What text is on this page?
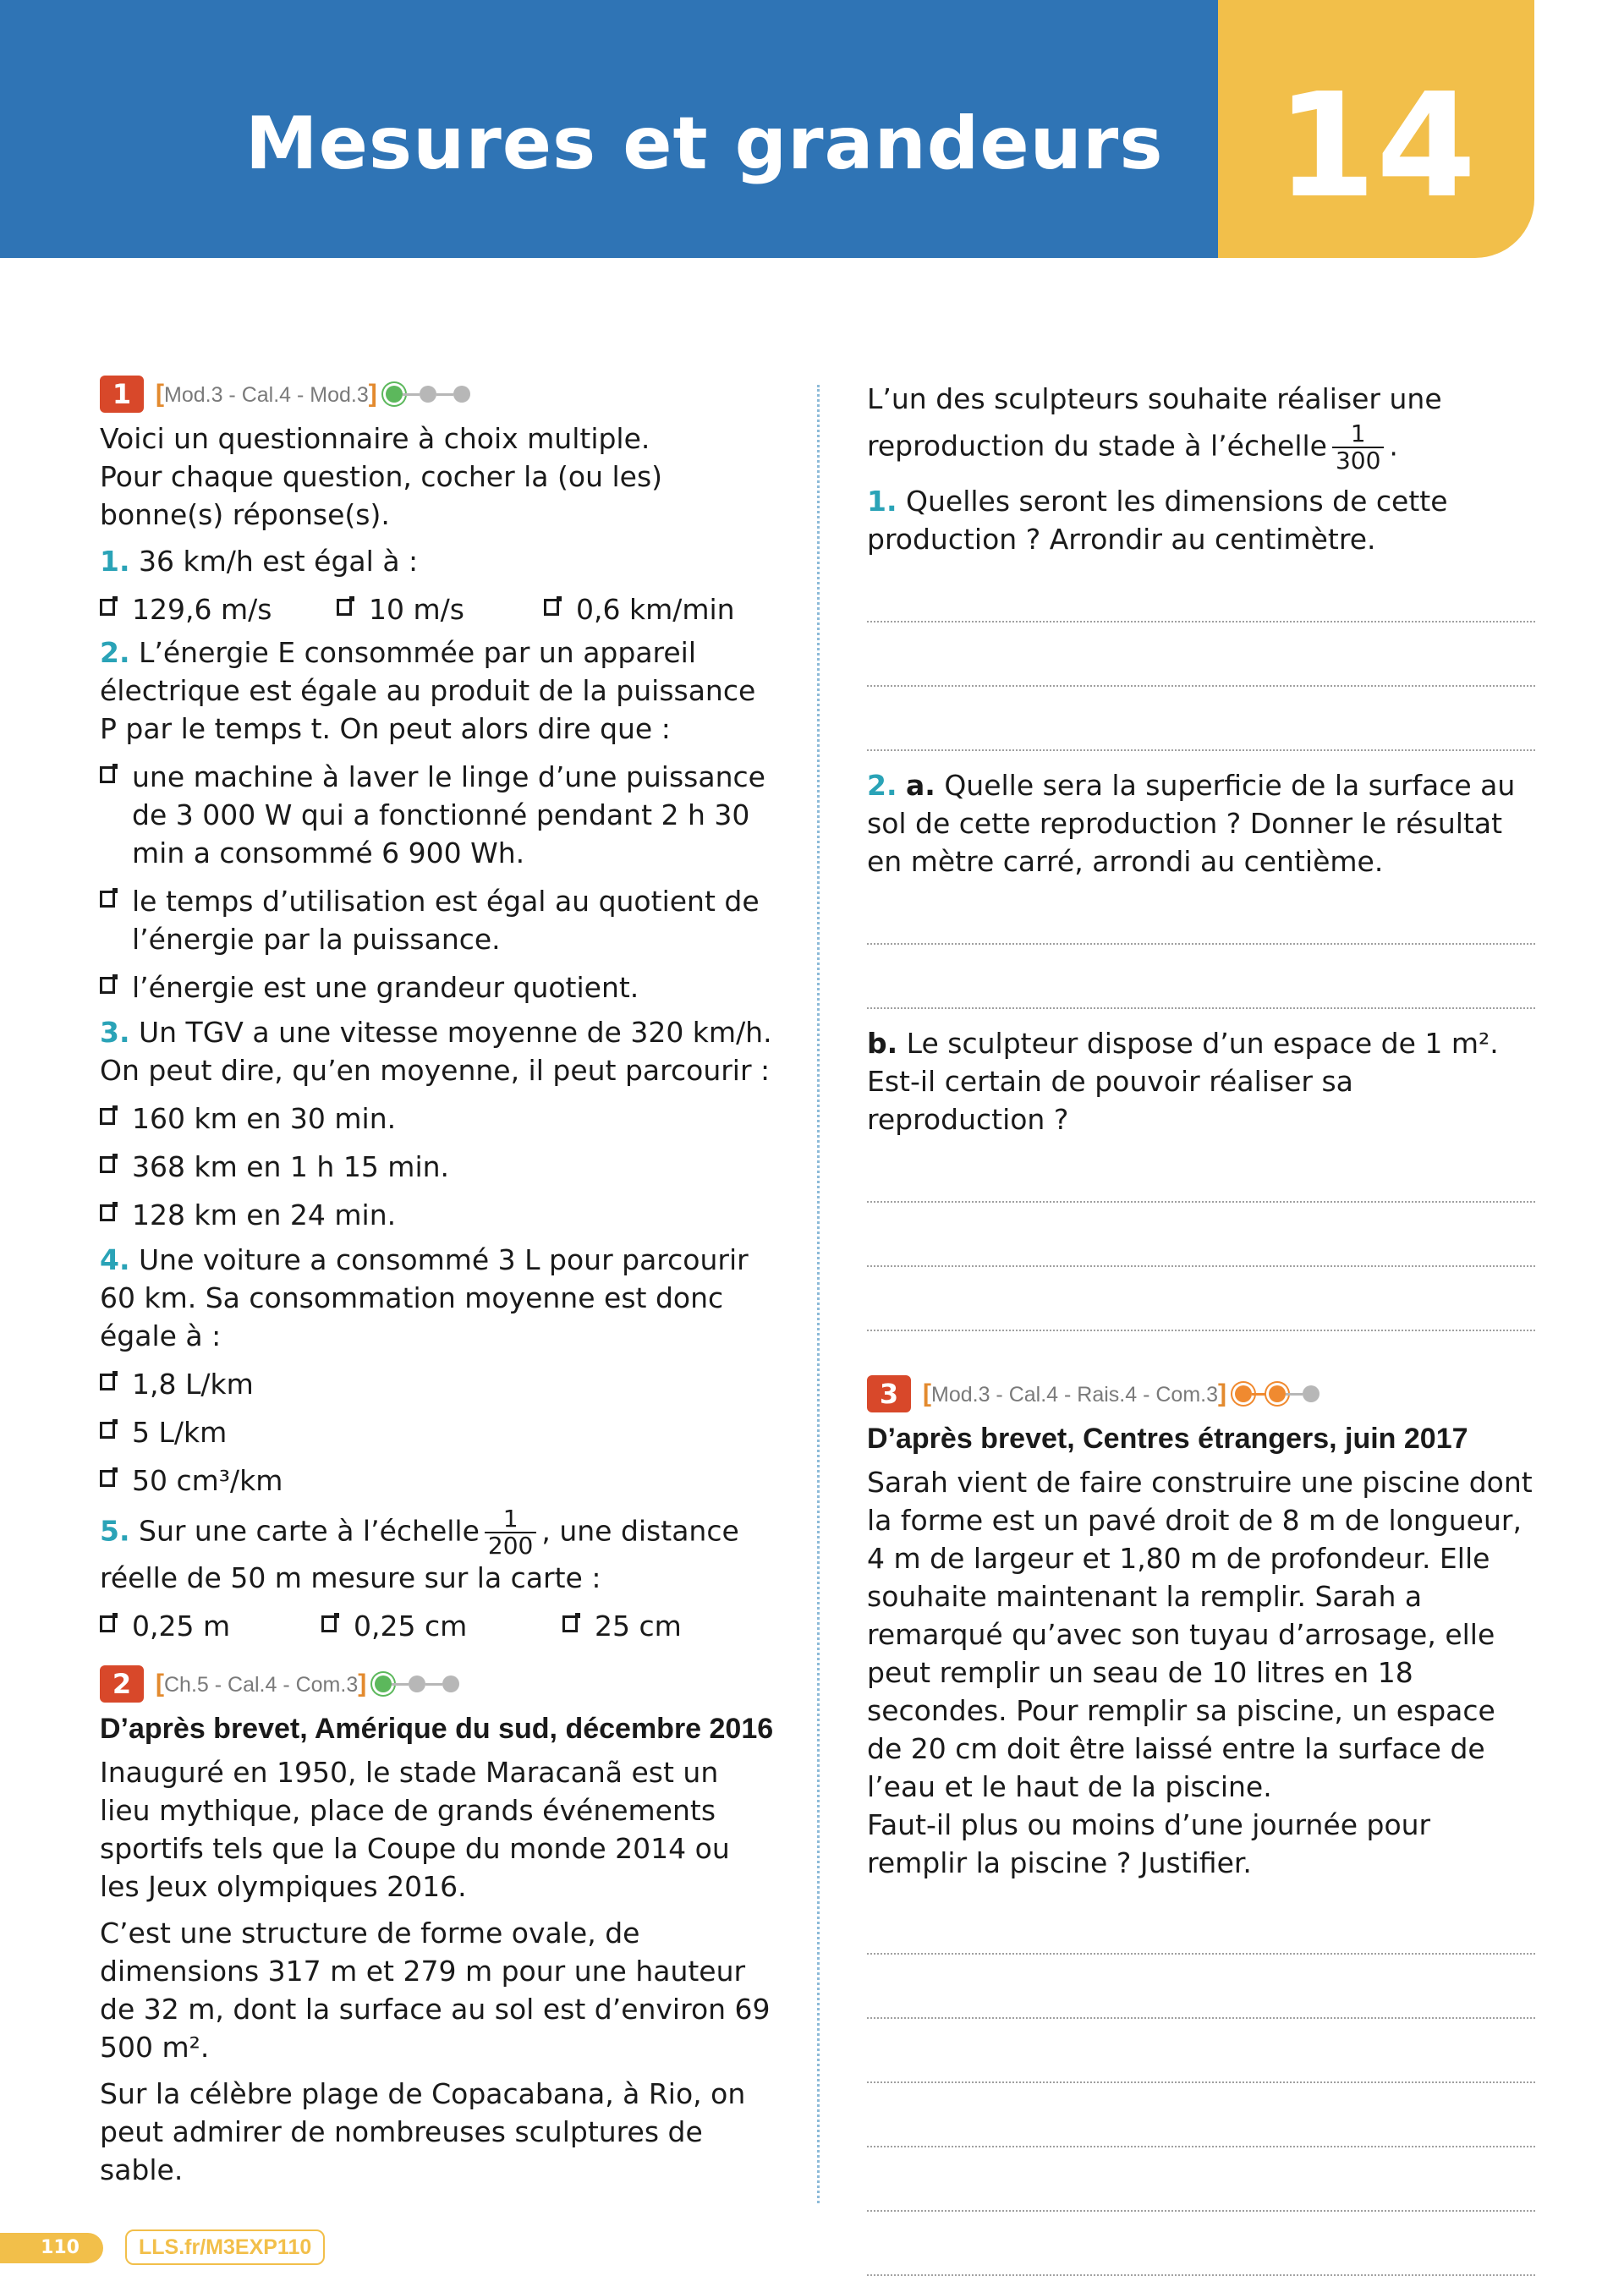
Mesures et grandeurs 14
1 [Mod.3 - Cal.4 - Mod.3]

Voici un questionnaire à choix multiple.

Pour chaque question, cocher la (ou les) bonne(s) réponse(s).

1. 36 km/h est égal à :

129,6 m/s	10 m/s	0,6 km/min

2. L’énergie E consommée par un appareil électrique est égale au produit de la puissance P par le temps t. On peut alors dire que :

une machine à laver le linge d’une puissance de 3 000 W qui a fonctionné pendant 2 h 30 min a consommé 6 900 Wh.
le temps d’utilisation est égal au quotient de l’énergie par la puissance.
l’énergie est une grandeur quotient.

3. Un TGV a une vitesse moyenne de 320 km/h. On peut dire, qu’en moyenne, il peut parcourir :

160 km en 30 min.
368 km en 1 h 15 min.
128 km en 24 min.

4. Une voiture a consommé 3 L pour parcourir 60 km. Sa consommation moyenne est donc égale à :

1,8 L/km
5 L/km
50 cm³/km

5. Sur une carte à l’échelle $\frac{1}{200}$ , une distance réelle de 50 m mesure sur la carte :

0,25 m	0,25 cm	25 cm
2 [Ch.5 - Cal.4 - Com.3]
D’après brevet, Amérique du sud, décembre 2016

Inauguré en 1950, le stade Maracanã est un lieu mythique, place de grands événements sportifs tels que la Coupe du monde 2014 ou les Jeux olympiques 2016.

C’est une structure de forme ovale, de dimensions 317 m et 279 m pour une hauteur de 32 m, dont la surface au sol est d’environ 69 500 m².

Sur la célèbre plage de Copacabana, à Rio, on peut admirer de nombreuses sculptures de sable.

L’un des sculpteurs souhaite réaliser une reproduction du stade à l’échelle $\frac{1}{300}$ .

1. Quelles seront les dimensions de cette production ? Arrondir au centimètre.

2. a. Quelle sera la superficie de la surface au sol de cette reproduction ? Donner le résultat en mètre carré, arrondi au centième.

b. Le sculpteur dispose d’un espace de 1 m². Est-il certain de pouvoir réaliser sa reproduction ?

3 [Mod.3 - Cal.4 - Rais.4 - Com.3]
D’après brevet, Centres étrangers, juin 2017

Sarah vient de faire construire une piscine dont la forme est un pavé droit de 8 m de longueur, 4 m de largeur et 1,80 m de profondeur. Elle souhaite maintenant la remplir. Sarah a remarqué qu’avec son tuyau d’arrosage, elle peut remplir un seau de 10 litres en 18 secondes. Pour remplir sa piscine, un espace de 20 cm doit être laissé entre la surface de l’eau et le haut de la piscine.

Faut-il plus ou moins d’une journée pour remplir la piscine ? Justifier.

110	LLS.fr/M3EXP110
